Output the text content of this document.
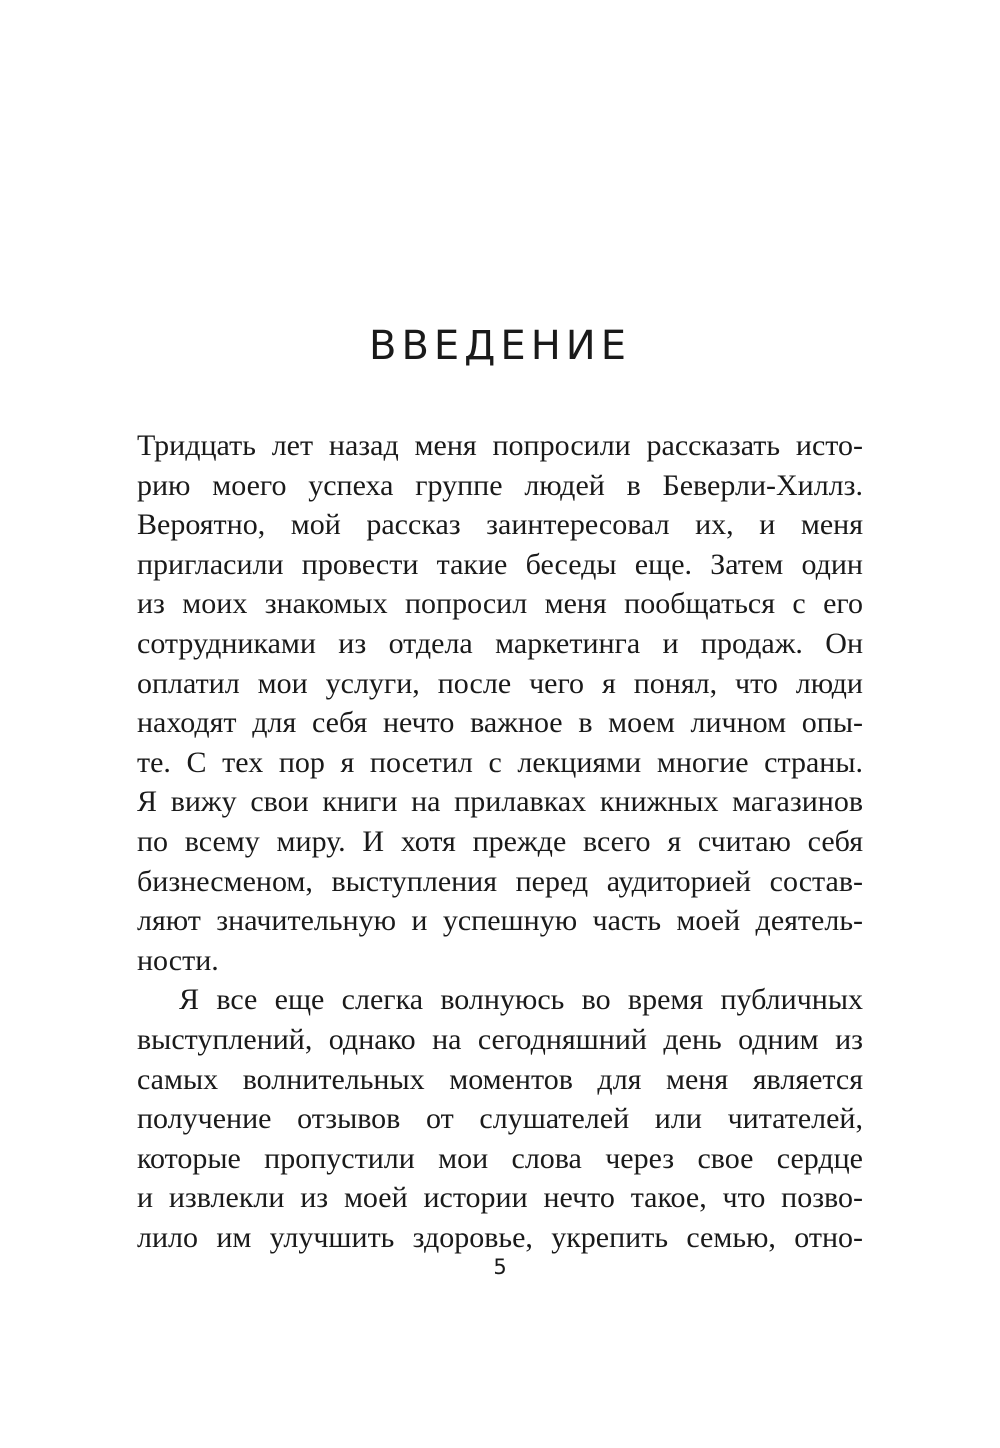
ВВЕДЕНИЕ
Тридцать лет назад меня попросили рассказать исто-
рию моего успеха группе людей в Беверли-Хиллз.
Вероятно, мой рассказ заинтересовал их, и меня
пригласили провести такие беседы еще. Затем один
из моих знакомых попросил меня пообщаться с его
сотрудниками из отдела маркетинга и продаж. Он
оплатил мои услуги, после чего я понял, что люди
находят для себя нечто важное в моем личном опы-
те. С тех пор я посетил с лекциями многие страны.
Я вижу свои книги на прилавках книжных магазинов
по всему миру. И хотя прежде всего я считаю себя
бизнесменом, выступления перед аудиторией состав-
ляют значительную и успешную часть моей деятель-
ности.
Я все еще слегка волнуюсь во время публичных
выступлений, однако на сегодняшний день одним из
самых волнительных моментов для меня является
получение отзывов от слушателей или читателей,
которые пропустили мои слова через свое сердце
и извлекли из моей истории нечто такое, что позво-
лило им улучшить здоровье, укрепить семью, отно-
5
